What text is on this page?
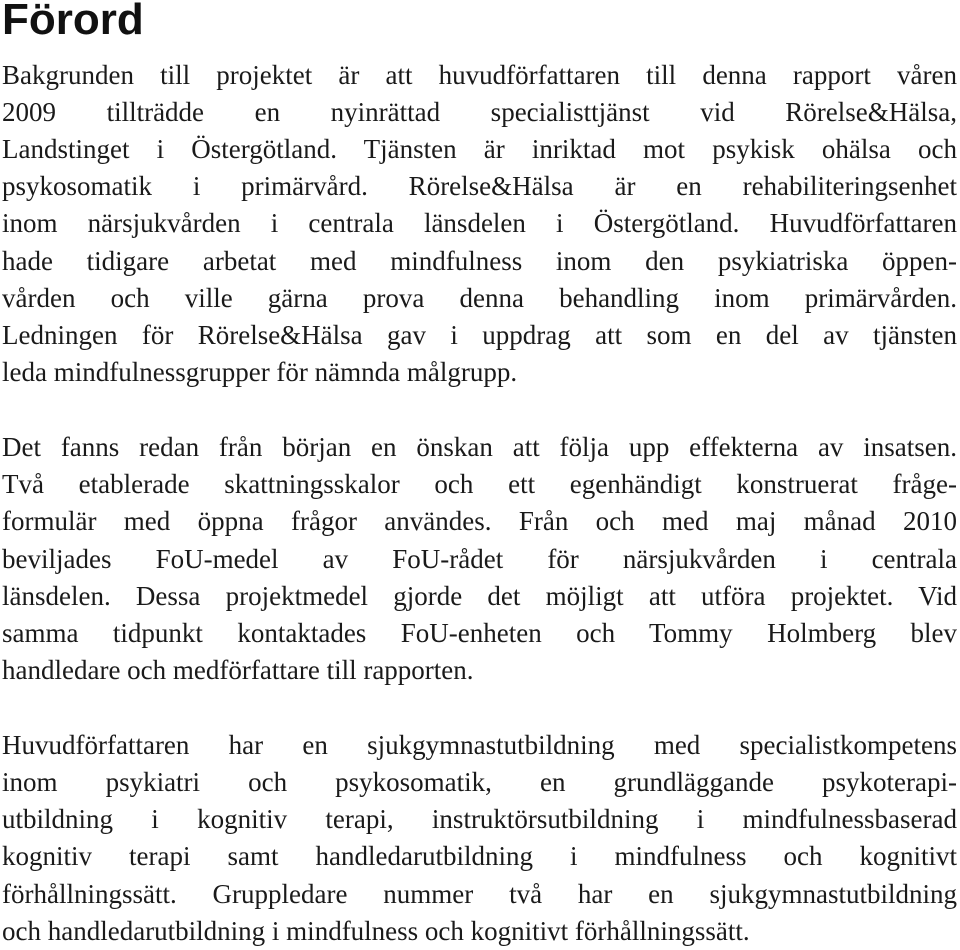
Förord
Bakgrunden till projektet är att huvudförfattaren till denna rapport våren
2009 tillträdde en nyinrättad specialisttjänst vid Rörelse&Hälsa,
Landstinget i Östergötland. Tjänsten är inriktad mot psykisk ohälsa och
psykosomatik i primärvård. Rörelse&Hälsa är en rehabiliteringsenhet
inom närsjukvården i centrala länsdelen i Östergötland. Huvudförfattaren
hade tidigare arbetat med mindfulness inom den psykiatriska öppen-
vården och ville gärna prova denna behandling inom primärvården.
Ledningen för Rörelse&Hälsa gav i uppdrag att som en del av tjänsten
leda mindfulnessgrupper för nämnda målgrupp.
Det fanns redan från början en önskan att följa upp effekterna av insatsen.
Två etablerade skattningsskalor och ett egenhändigt konstruerat fråge-
formulär med öppna frågor användes. Från och med maj månad 2010
beviljades FoU-medel av FoU-rådet för närsjukvården i centrala
länsdelen. Dessa projektmedel gjorde det möjligt att utföra projektet. Vid
samma tidpunkt kontaktades FoU-enheten och Tommy Holmberg blev
handledare och medförfattare till rapporten.
Huvudförfattaren har en sjukgymnastutbildning med specialistkompetens
inom psykiatri och psykosomatik, en grundläggande psykoterapi-
utbildning i kognitiv terapi, instruktörsutbildning i mindfulnessbaserad
kognitiv terapi samt handledarutbildning i mindfulness och kognitivt
förhållningssätt. Gruppledare nummer två har en sjukgymnastutbildning
och handledarutbildning i mindfulness och kognitivt förhållningssätt.
